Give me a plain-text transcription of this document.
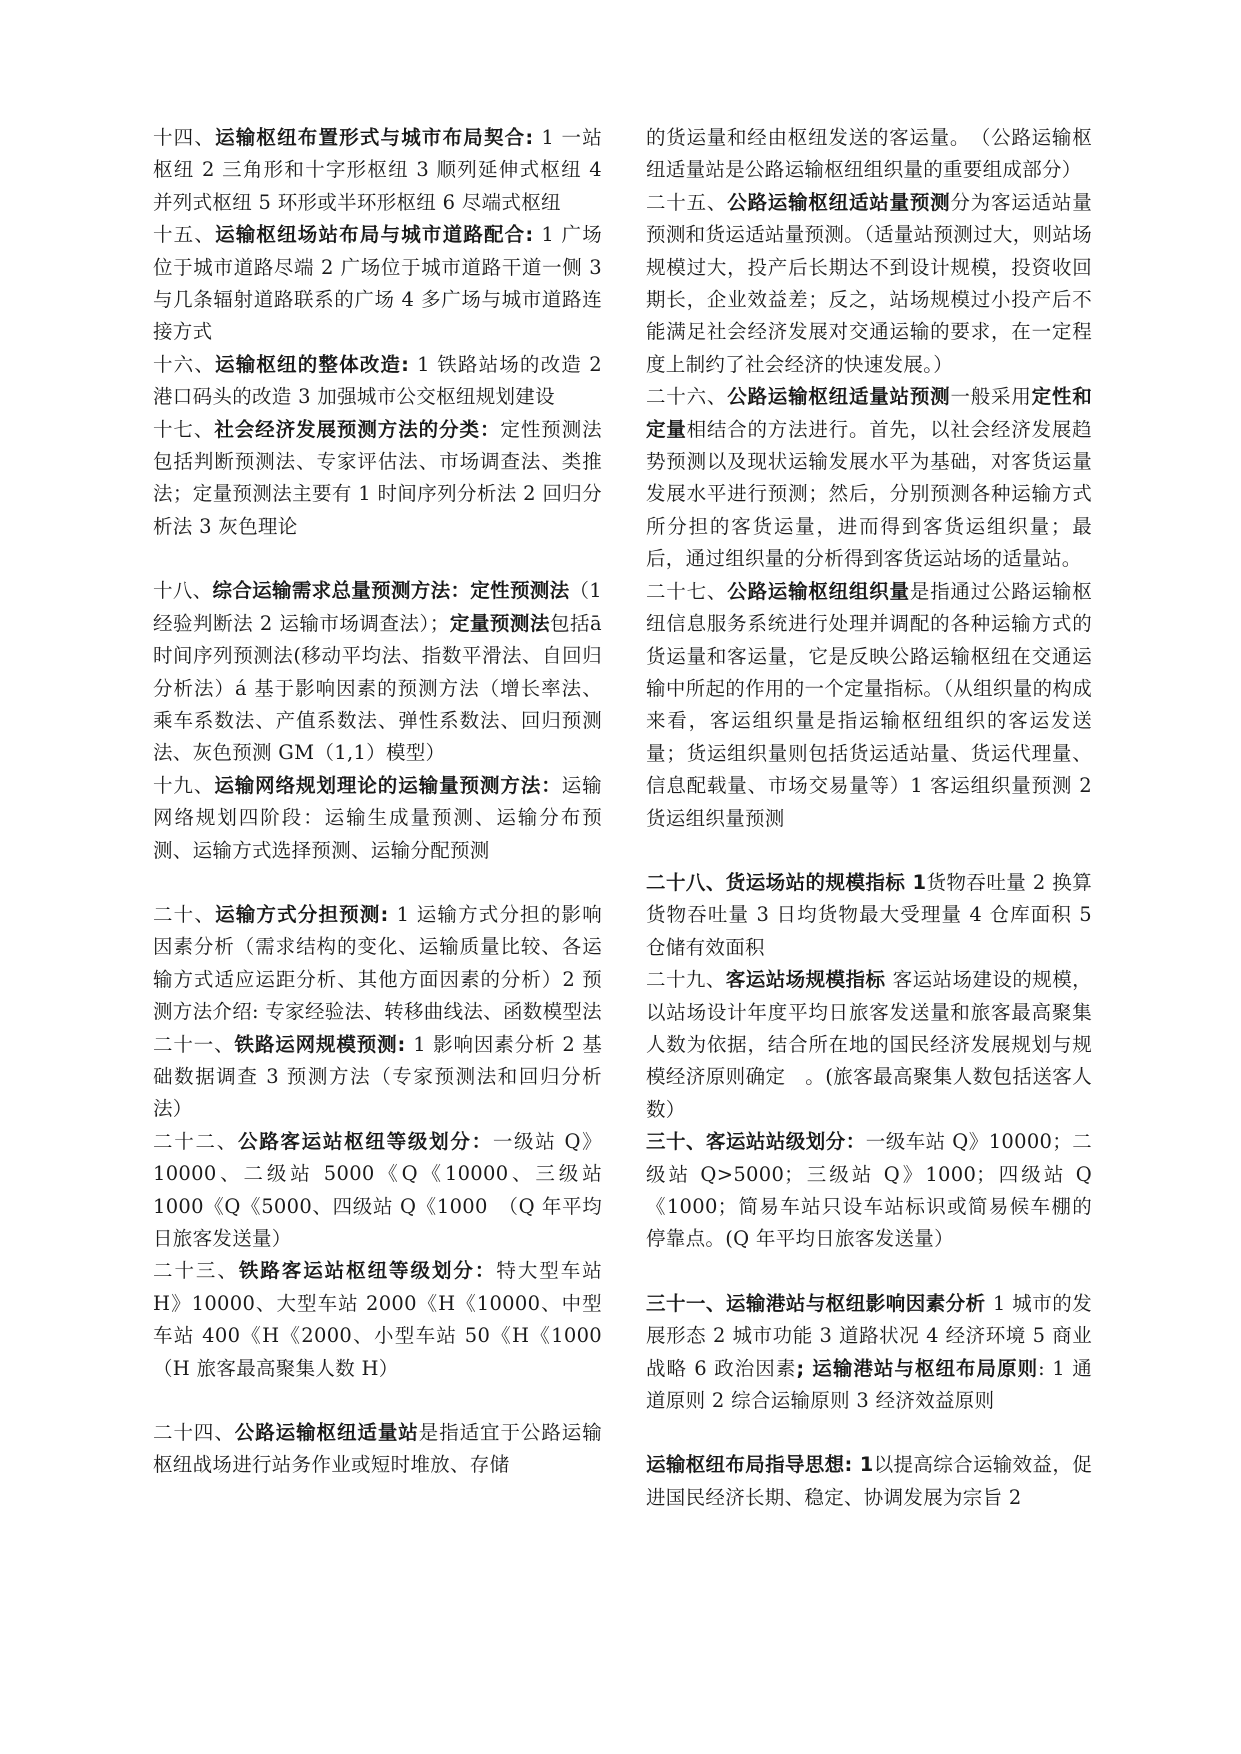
十四、运输枢纽布置形式与城市布局契合: 1 一站枢纽 2 三角形和十字形枢纽 3 顺列延伸式枢纽 4 并列式枢纽 5 环形或半环形枢纽 6 尽端式枢纽

十五、运输枢纽场站布局与城市道路配合: 1 广场位于城市道路尽端 2 广场位于城市道路干道一侧 3 与几条辐射道路联系的广场 4 多广场与城市道路连接方式

十六、运输枢纽的整体改造: 1 铁路站场的改造 2 港口码头的改造 3 加强城市公交枢纽规划建设

十七、社会经济发展预测方法的分类：定性预测法包括判断预测法、专家评估法、市场调查法、类推法；定量预测法主要有 1 时间序列分析法 2 回归分析法 3 灰色理论

十八、综合运输需求总量预测方法：定性预测法（1 经验判断法 2 运输市场调查法）；定量预测法包括ā 时间序列预测法(移动平均法、指数平滑法、自回归分析法）á 基于影响因素的预测方法（增长率法、乘车系数法、产值系数法、弹性系数法、回归预测法、灰色预测 GM（1,1）模型）

十九、运输网络规划理论的运输量预测方法：运输网络规划四阶段：运输生成量预测、运输分布预测、运输方式选择预测、运输分配预测

二十、运输方式分担预测: 1 运输方式分担的影响因素分析（需求结构的变化、运输质量比较、各运输方式适应运距分析、其他方面因素的分析）2 预测方法介绍: 专家经验法、转移曲线法、函数模型法

二十一、铁路运网规模预测: 1 影响因素分析 2 基础数据调查 3 预测方法（专家预测法和回归分析法）

二十二、公路客运站枢纽等级划分：一级站 Q》10000、二级站 5000《Q《10000、三级站 1000《Q《5000、四级站 Q《1000　（Q 年平均日旅客发送量）

二十三、铁路客运站枢纽等级划分：特大型车站 H》10000、大型车站 2000《H《10000、中型车站 400《H《2000、小型车站 50《H《1000（H 旅客最高聚集人数 H）

二十四、公路运输枢纽适量站是指适宜于公路运输枢纽战场进行站务作业或短时堆放、存储

的货运量和经由枢纽发送的客运量。　（公路运输枢纽适量站是公路运输枢纽组织量的重要组成部分）

二十五、公路运输枢纽适站量预测分为客运适站量预测和货运适站量预测。（适量站预测过大，则站场规模过大，投产后长期达不到设计规模，投资收回期长，企业效益差；反之，站场规模过小投产后不能满足社会经济发展对交通运输的要求，在一定程度上制约了社会经济的快速发展。）

二十六、公路运输枢纽适量站预测一般采用定性和定量相结合的方法进行。首先，以社会经济发展趋势预测以及现状运输发展水平为基础，对客货运量发展水平进行预测；然后，分别预测各种运输方式所分担的客货运量，进而得到客货运组织量；最后，通过组织量的分析得到客货运站场的适量站。

二十七、公路运输枢纽组织量是指通过公路运输枢纽信息服务系统进行处理并调配的各种运输方式的货运量和客运量，它是反映公路运输枢纽在交通运输中所起的作用的一个定量指标。（从组织量的构成来看，客运组织量是指运输枢纽组织的客运发送量；货运组织量则包括货运适站量、货运代理量、信息配载量、市场交易量等）1 客运组织量预测 2 货运组织量预测

二十八、货运场站的规模指标 1货物吞吐量 2 换算货物吞吐量 3 日均货物最大受理量 4 仓库面积 5 仓储有效面积

二十九、客运站场规模指标 客运站场建设的规模，以站场设计年度平均日旅客发送量和旅客最高聚集人数为依据，结合所在地的国民经济发展规划与规模经济原则确定　。(旅客最高聚集人数包括送客人数）

三十、客运站站级划分：一级车站 Q》10000；二级站 Q>5000；三级站 Q》1000；四级站 Q《1000；简易车站只设车站标识或简易候车棚的停靠点。(Q 年平均日旅客发送量）

三十一、运输港站与枢纽影响因素分析 1 城市的发展形态 2 城市功能 3 道路状况 4 经济环境 5 商业战略 6 政治因素; 运输港站与枢纽布局原则: 1 通道原则 2 综合运输原则 3 经济效益原则

运输枢纽布局指导思想: 1以提高综合运输效益，促进国民经济长期、稳定、协调发展为宗旨 2
